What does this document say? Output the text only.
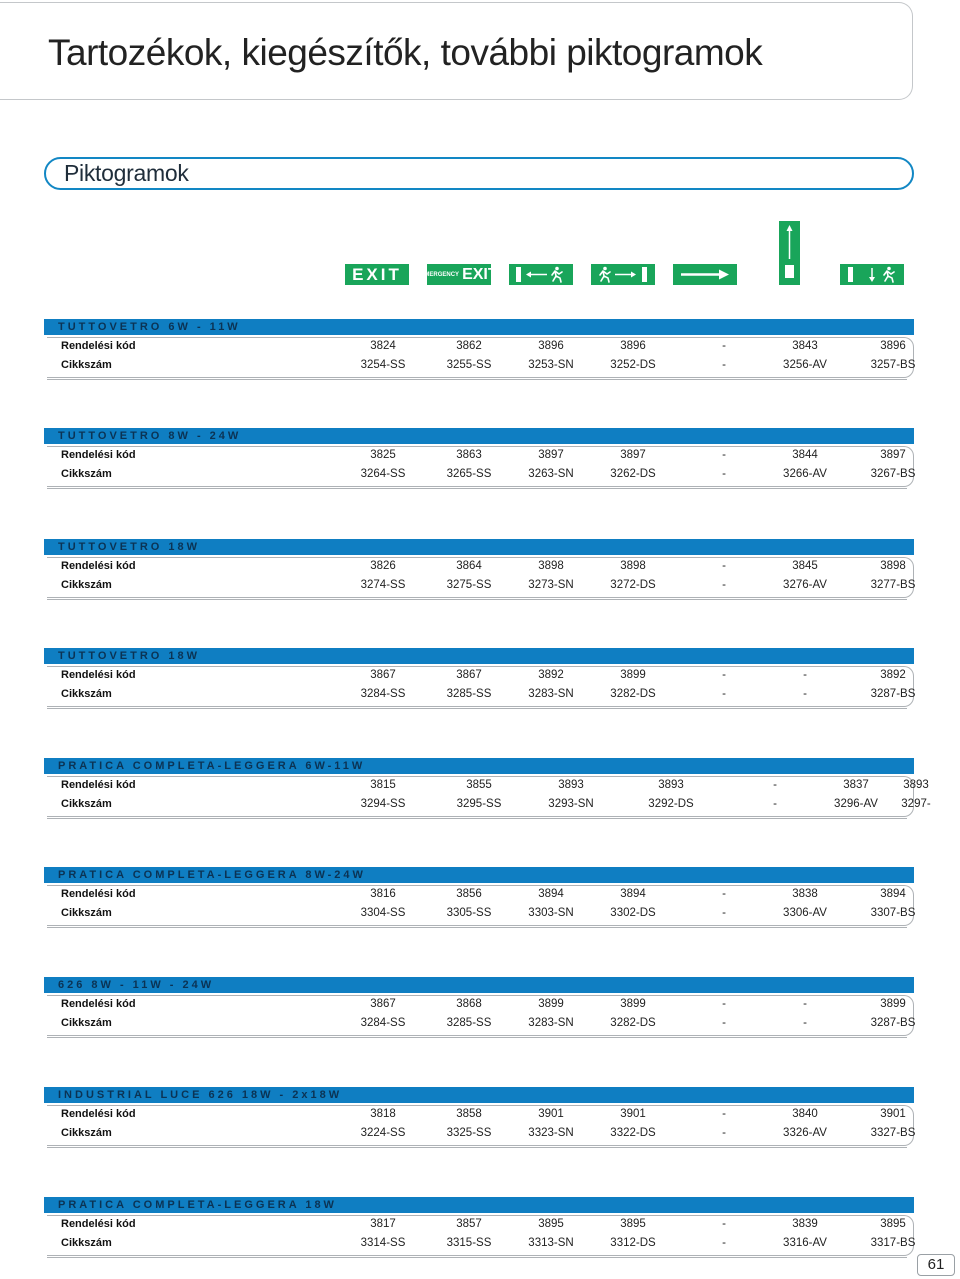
Tartozékok, kiegészítők, további piktogramok
Piktogramok
EXIT	EMERGENCY EXIT
TUTTOVETRO 6W - 11W
Rendelési kód	3824	3862	3896	3896	-	3843	3896
Cikkszám	3254-SS	3255-SS	3253-SN	3252-DS	-	3256-AV	3257-BS
TUTTOVETRO 8W - 24W
Rendelési kód	3825	3863	3897	3897	-	3844	3897
Cikkszám	3264-SS	3265-SS	3263-SN	3262-DS	-	3266-AV	3267-BS
TUTTOVETRO 18W
Rendelési kód	3826	3864	3898	3898	-	3845	3898
Cikkszám	3274-SS	3275-SS	3273-SN	3272-DS	-	3276-AV	3277-BS
TUTTOVETRO 18W
Rendelési kód	3867	3867	3892	3899	-	-	3892
Cikkszám	3284-SS	3285-SS	3283-SN	3282-DS	-	-	3287-BS
PRATICA COMPLETA-LEGGERA 6W-11W
Rendelési kód	3815	3855	3893	3893	-	3837	3893
Cikkszám	3294-SS	3295-SS	3293-SN	3292-DS	-	3296-AV 3297-
PRATICA COMPLETA-LEGGERA 8W-24W
Rendelési kód	3816	3856	3894	3894	-	3838	3894
Cikkszám	3304-SS	3305-SS	3303-SN	3302-DS	-	3306-AV	3307-BS
626 8W - 11W - 24W
Rendelési kód	3867	3868	3899	3899	-	-	3899
Cikkszám	3284-SS	3285-SS	3283-SN	3282-DS	-	-	3287-BS
INDUSTRIAL LUCE 626 18W - 2x18W
Rendelési kód	3818	3858	3901	3901	-	3840	3901
Cikkszám	3224-SS	3325-SS	3323-SN	3322-DS	-	3326-AV	3327-BS
PRATICA COMPLETA-LEGGERA 18W
Rendelési kód	3817	3857	3895	3895	-	3839	3895
Cikkszám	3314-SS	3315-SS	3313-SN	3312-DS	-	3316-AV	3317-BS
61
